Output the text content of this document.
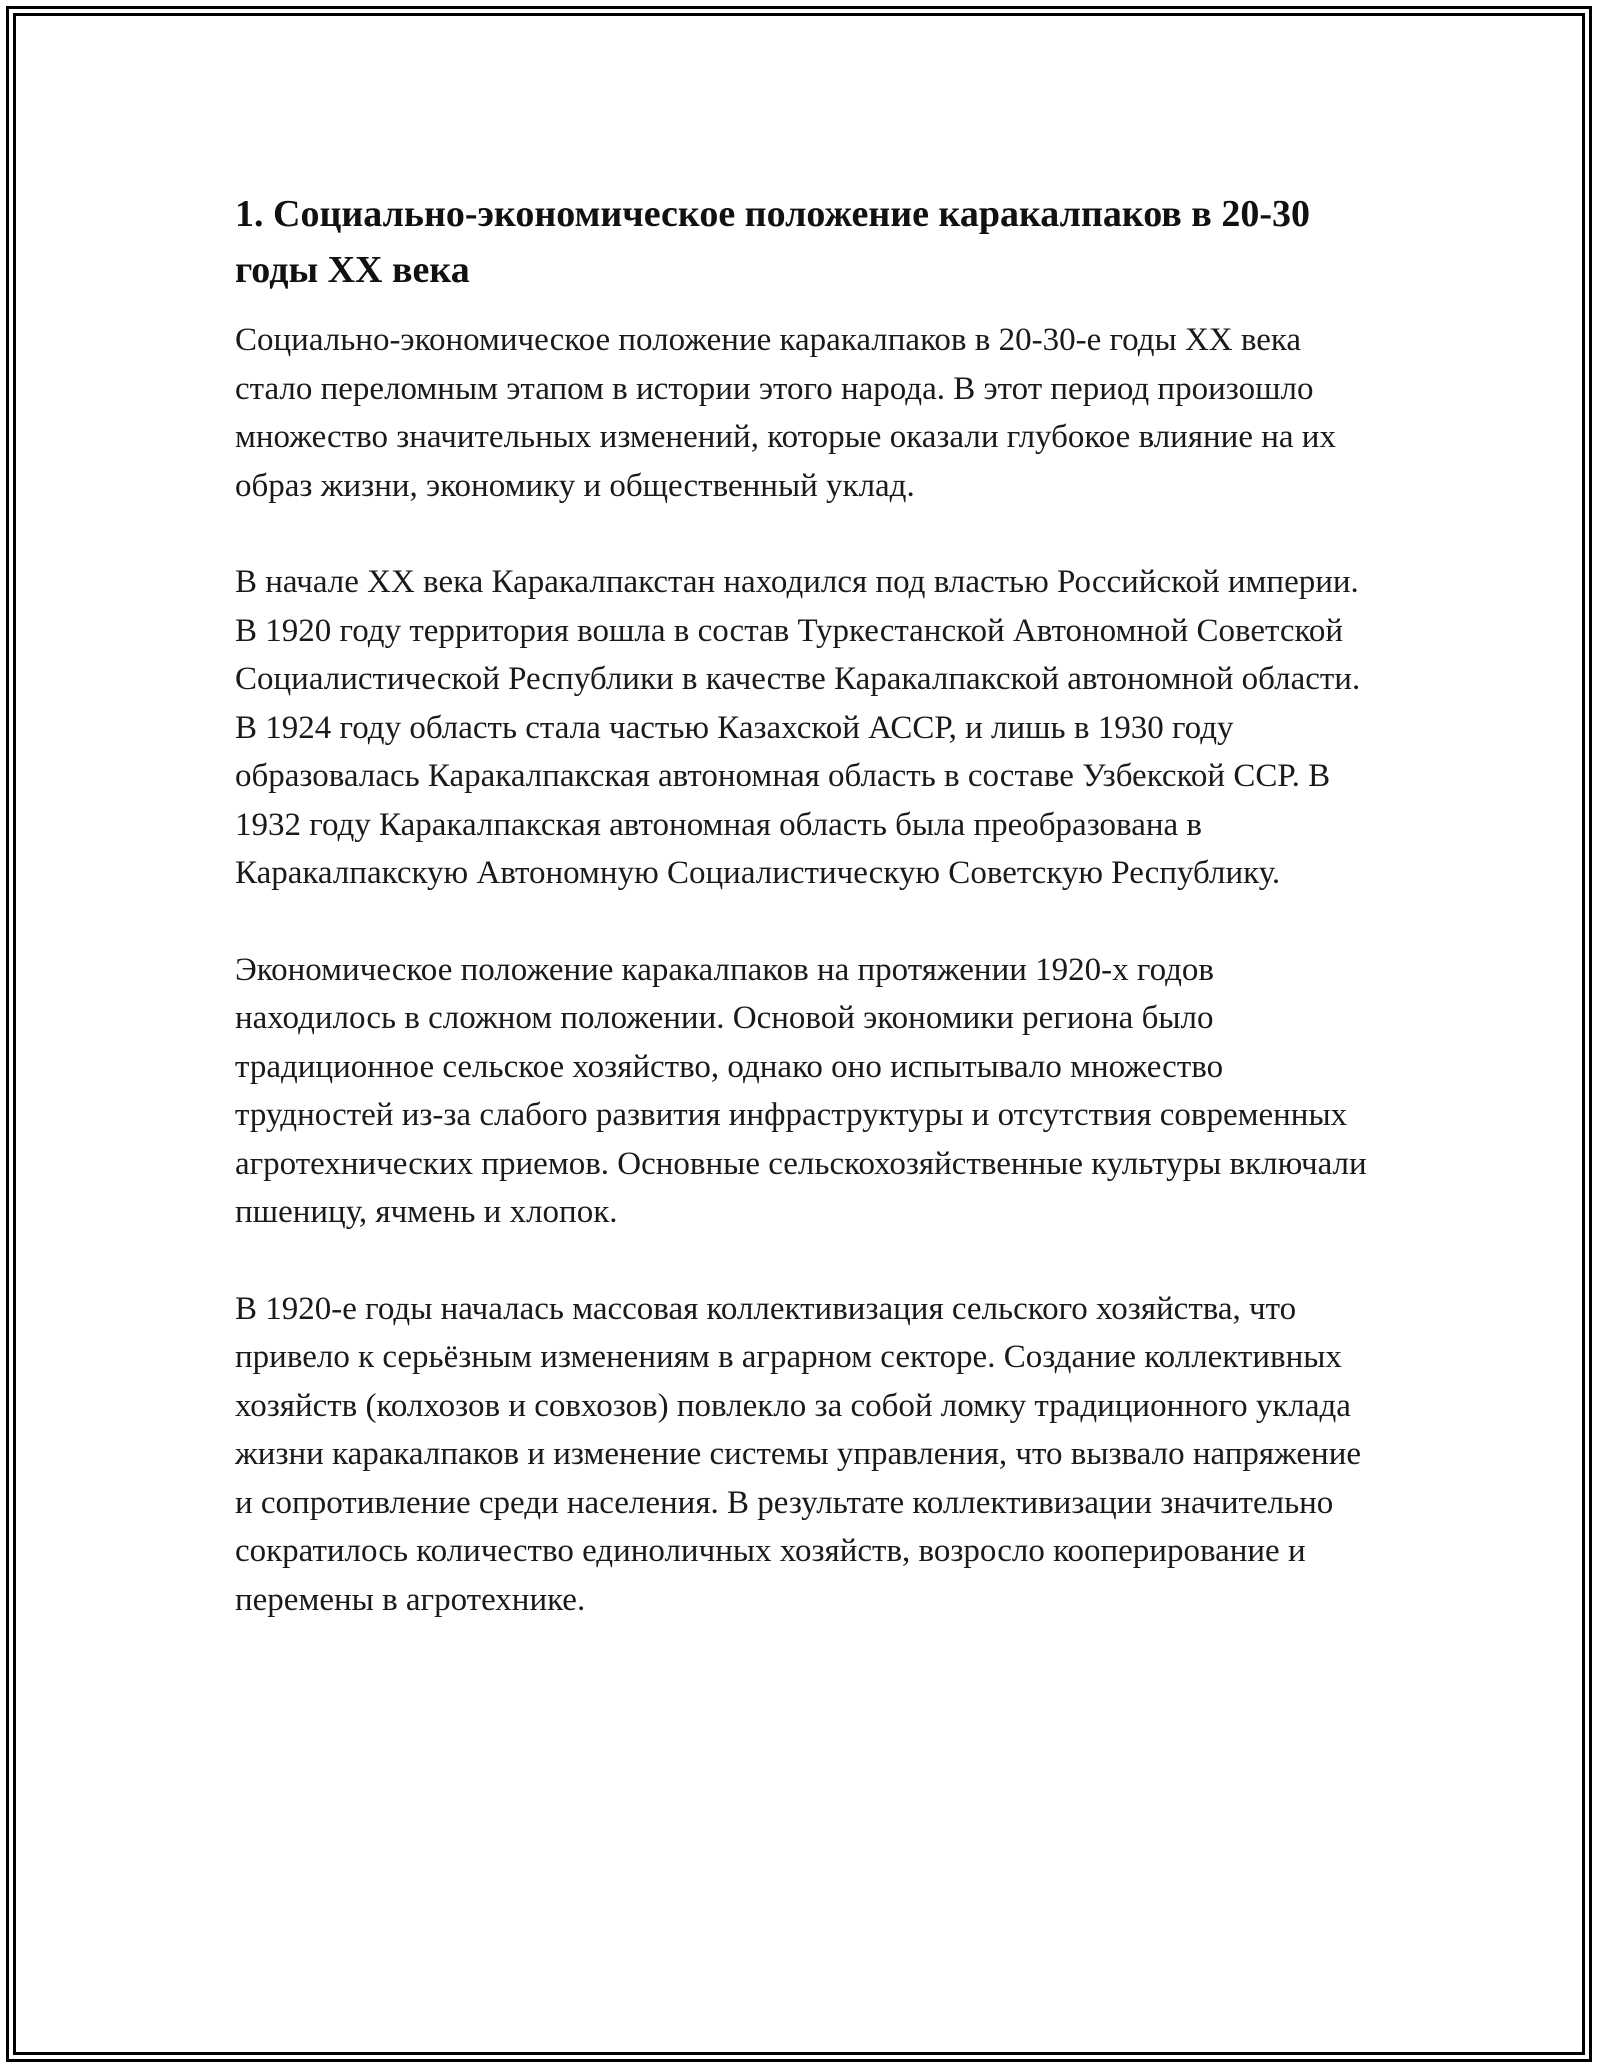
1. Социально-экономическое положение каракалпаков в 20-30 годы XX века

Социально-экономическое положение каракалпаков в 20-30-е годы XX века стало переломным этапом в истории этого народа. В этот период произошло множество значительных изменений, которые оказали глубокое влияние на их образ жизни, экономику и общественный уклад.

В начале XX века Каракалпакстан находился под властью Российской империи. В 1920 году территория вошла в состав Туркестанской Автономной Советской Социалистической Республики в качестве Каракалпакской автономной области. В 1924 году область стала частью Казахской АССР, и лишь в 1930 году образовалась Каракалпакская автономная область в составе Узбекской ССР. В 1932 году Каракалпакская автономная область была преобразована в Каракалпакскую Автономную Социалистическую Советскую Республику.

Экономическое положение каракалпаков на протяжении 1920-х годов находилось в сложном положении. Основой экономики региона было традиционное сельское хозяйство, однако оно испытывало множество трудностей из-за слабого развития инфраструктуры и отсутствия современных агротехнических приемов. Основные сельскохозяйственные культуры включали пшеницу, ячмень и хлопок.

В 1920-е годы началась массовая коллективизация сельского хозяйства, что привело к серьёзным изменениям в аграрном секторе. Создание коллективных хозяйств (колхозов и совхозов) повлекло за собой ломку традиционного уклада жизни каракалпаков и изменение системы управления, что вызвало напряжение и сопротивление среди населения. В результате коллективизации значительно сократилось количество единоличных хозяйств, возросло кооперирование и перемены в агротехнике.
